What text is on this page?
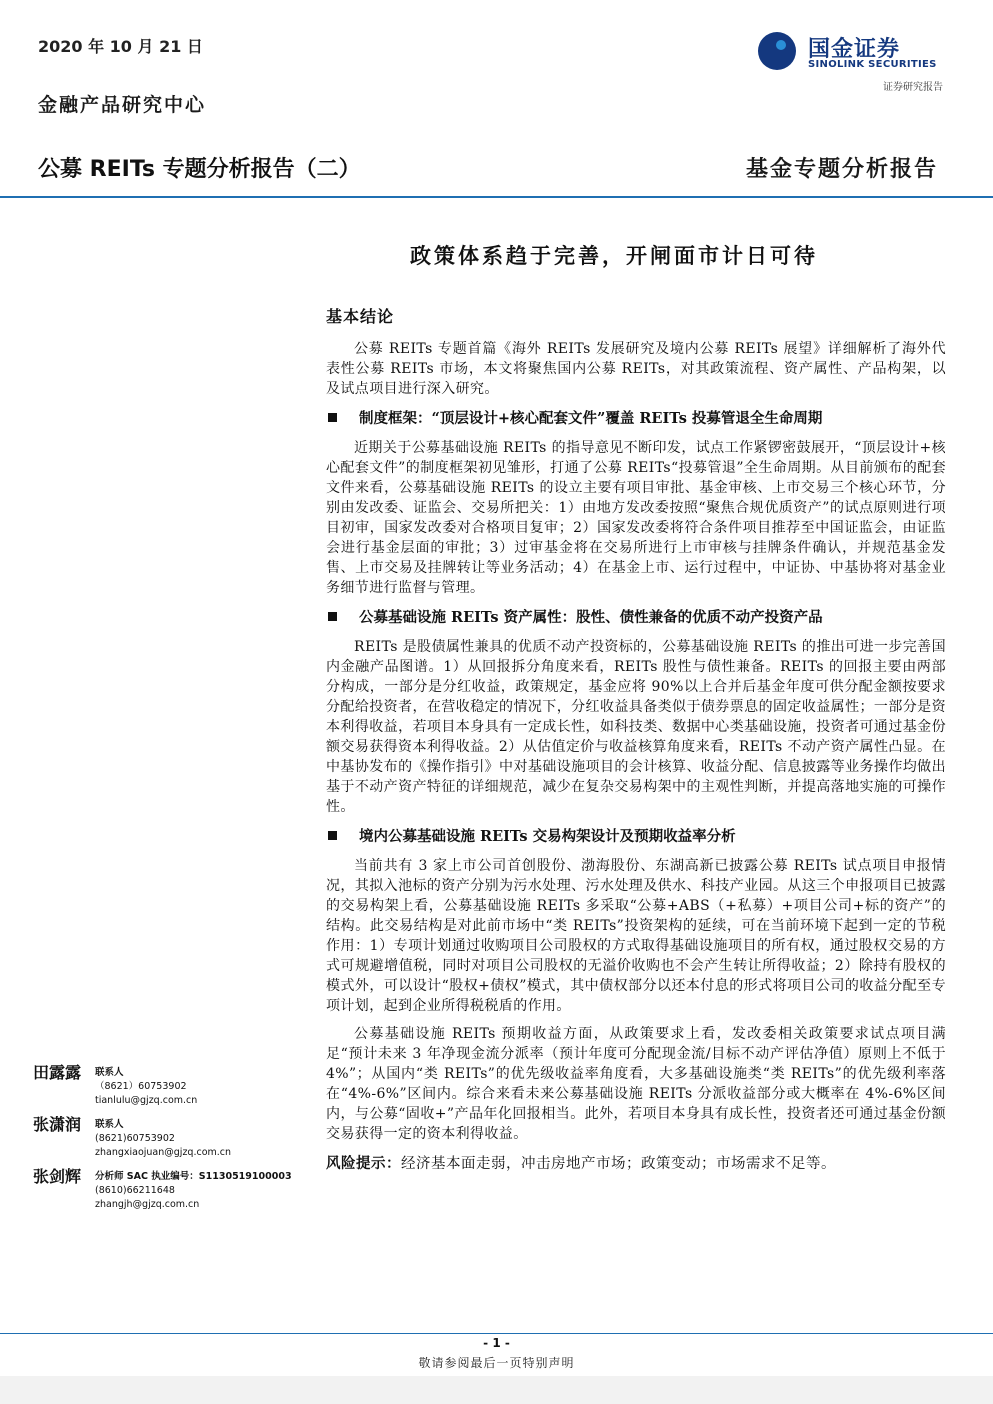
2020 年 10 月 21 日
金融产品研究中心
国金证券
SINOLINK SECURITIES
证券研究报告
公募 REITs 专题分析报告（二）	基金专题分析报告
政策体系趋于完善，开闸面市计日可待
基本结论

公募 REITs 专题首篇《海外 REITs 发展研究及境内公募 REITs 展望》详细解析了海外代表性公募 REITs 市场，本文将聚焦国内公募 REITs，对其政策流程、资产属性、产品构架，以及试点项目进行深入研究。

制度框架：“顶层设计+核心配套文件”覆盖 REITs 投募管退全生命周期

近期关于公募基础设施 REITs 的指导意见不断印发，试点工作紧锣密鼓展开，“顶层设计+核心配套文件”的制度框架初见雏形，打通了公募 REITs“投募管退”全生命周期。从目前颁布的配套文件来看，公募基础设施 REITs 的设立主要有项目审批、基金审核、上市交易三个核心环节，分别由发改委、证监会、交易所把关：1）由地方发改委按照“聚焦合规优质资产”的试点原则进行项目初审，国家发改委对合格项目复审；2）国家发改委将符合条件项目推荐至中国证监会，由证监会进行基金层面的审批；3）过审基金将在交易所进行上市审核与挂牌条件确认，并规范基金发售、上市交易及挂牌转让等业务活动；4）在基金上市、运行过程中，中证协、中基协将对基金业务细节进行监督与管理。

公募基础设施 REITs 资产属性：股性、债性兼备的优质不动产投资产品

REITs 是股债属性兼具的优质不动产投资标的，公募基础设施 REITs 的推出可进一步完善国内金融产品图谱。1）从回报拆分角度来看，REITs 股性与债性兼备。REITs 的回报主要由两部分构成，一部分是分红收益，政策规定，基金应将 90%以上合并后基金年度可供分配金额按要求分配给投资者，在营收稳定的情况下，分红收益具备类似于债券票息的固定收益属性；一部分是资本利得收益，若项目本身具有一定成长性，如科技类、数据中心类基础设施，投资者可通过基金份额交易获得资本利得收益。2）从估值定价与收益核算角度来看，REITs 不动产资产属性凸显。在中基协发布的《操作指引》中对基础设施项目的会计核算、收益分配、信息披露等业务操作均做出基于不动产资产特征的详细规范，减少在复杂交易构架中的主观性判断，并提高落地实施的可操作性。

境内公募基础设施 REITs 交易构架设计及预期收益率分析

当前共有 3 家上市公司首创股份、渤海股份、东湖高新已披露公募 REITs 试点项目申报情况，其拟入池标的资产分别为污水处理、污水处理及供水、科技产业园。从这三个申报项目已披露的交易构架上看，公募基础设施 REITs 多采取“公募+ABS（+私募）+项目公司+标的资产”的结构。此交易结构是对此前市场中“类 REITs”投资架构的延续，可在当前环境下起到一定的节税作用：1）专项计划通过收购项目公司股权的方式取得基础设施项目的所有权，通过股权交易的方式可规避增值税，同时对项目公司股权的无溢价收购也不会产生转让所得收益；2）除持有股权的模式外，可以设计“股权+债权”模式，其中债权部分以还本付息的形式将项目公司的收益分配至专项计划，起到企业所得税税盾的作用。

公募基础设施 REITs 预期收益方面，从政策要求上看，发改委相关政策要求试点项目满足“预计未来 3 年净现金流分派率（预计年度可分配现金流/目标不动产评估净值）原则上不低于 4%”；从国内“类 REITs”的优先级收益率角度看，大多基础设施类“类 REITs”的优先级利率落在“4%-6%”区间内。综合来看未来公募基础设施 REITs 分派收益部分或大概率在 4%-6%区间内，与公募“固收+”产品年化回报相当。此外，若项目本身具有成长性，投资者还可通过基金份额交易获得一定的资本利得收益。

风险提示：经济基本面走弱，冲击房地产市场；政策变动；市场需求不足等。
田露露	联系人
（8621）60753902
tianlulu@gjzq.com.cn
张潇润	联系人
(8621)60753902
zhangxiaojuan@gjzq.com.cn
张剑辉	分析师 SAC 执业编号：S1130519100003
(8610)66211648
zhangjh@gjzq.com.cn
- 1 -
敬请参阅最后一页特别声明
